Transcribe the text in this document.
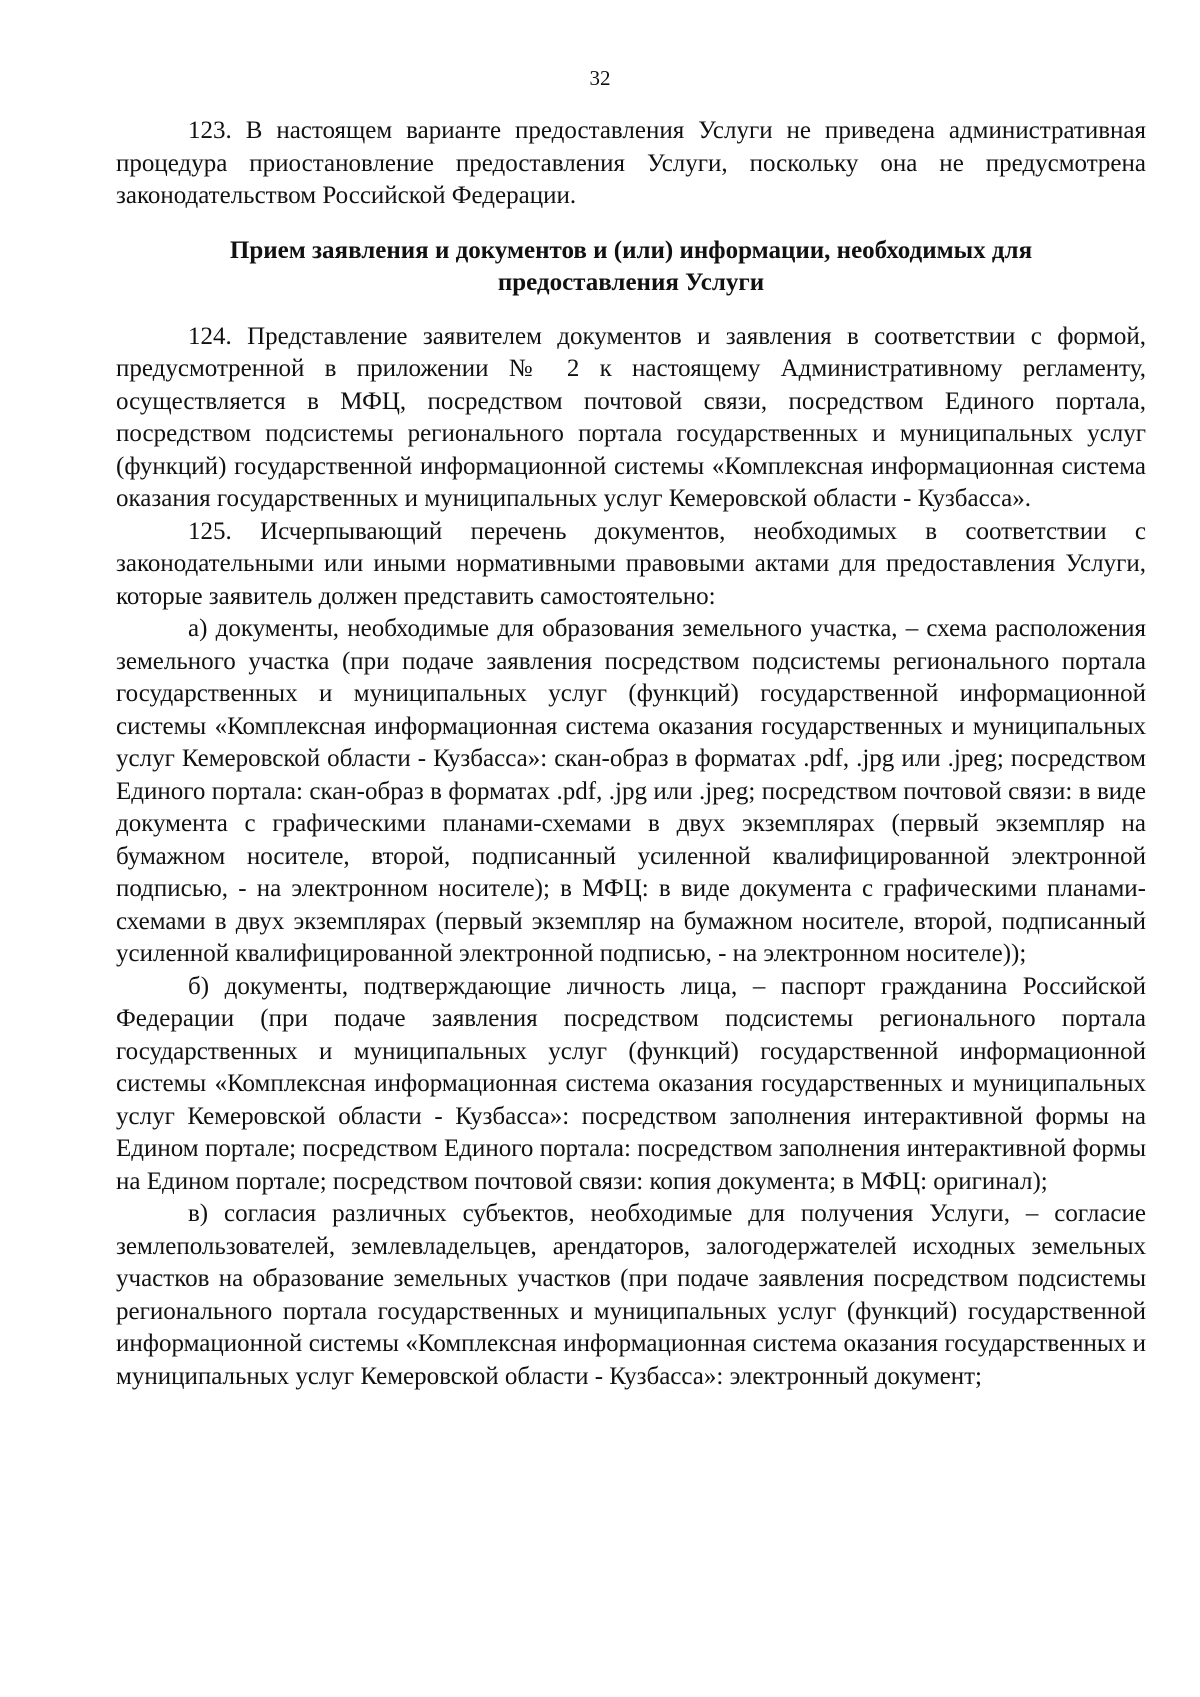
32

123. В настоящем варианте предоставления Услуги не приведена административная процедура приостановление предоставления Услуги, поскольку она не предусмотрена законодательством Российской Федерации.

Прием заявления и документов и (или) информации, необходимых для
предоставления Услуги

124. Представление заявителем документов и заявления в соответствии с формой, предусмотренной в приложении № 2 к настоящему Административному регламенту, осуществляется в МФЦ, посредством почтовой связи, посредством Единого портала, посредством подсистемы регионального портала государственных и муниципальных услуг (функций) государственной информационной системы «Комплексная информационная система оказания государственных и муниципальных услуг Кемеровской области - Кузбасса».

125. Исчерпывающий перечень документов, необходимых в соответствии с законодательными или иными нормативными правовыми актами для предоставления Услуги, которые заявитель должен представить самостоятельно:

а) документы, необходимые для образования земельного участка, – схема расположения земельного участка (при подаче заявления посредством подсистемы регионального портала государственных и муниципальных услуг (функций) государственной информационной системы «Комплексная информационная система оказания государственных и муниципальных услуг Кемеровской области - Кузбасса»: скан-образ в форматах .pdf, .jpg или .jpeg; посредством Единого портала: скан-образ в форматах .pdf, .jpg или .jpeg; посредством почтовой связи: в виде документа с графическими планами-схемами в двух экземплярах (первый экземпляр на бумажном носителе, второй, подписанный усиленной квалифицированной электронной подписью, - на электронном носителе); в МФЦ: в виде документа с графическими планами-схемами в двух экземплярах (первый экземпляр на бумажном носителе, второй, подписанный усиленной квалифицированной электронной подписью, - на электронном носителе));

б) документы, подтверждающие личность лица, – паспорт гражданина Российской Федерации (при подаче заявления посредством подсистемы регионального портала государственных и муниципальных услуг (функций) государственной информационной системы «Комплексная информационная система оказания государственных и муниципальных услуг Кемеровской области - Кузбасса»: посредством заполнения интерактивной формы на Едином портале; посредством Единого портала: посредством заполнения интерактивной формы на Едином портале; посредством почтовой связи: копия документа; в МФЦ: оригинал);

в) согласия различных субъектов, необходимые для получения Услуги, – согласие землепользователей, землевладельцев, арендаторов, залогодержателей исходных земельных участков на образование земельных участков (при подаче заявления посредством подсистемы регионального портала государственных и муниципальных услуг (функций) государственной информационной системы «Комплексная информационная система оказания государственных и муниципальных услуг Кемеровской области - Кузбасса»: электронный документ;
